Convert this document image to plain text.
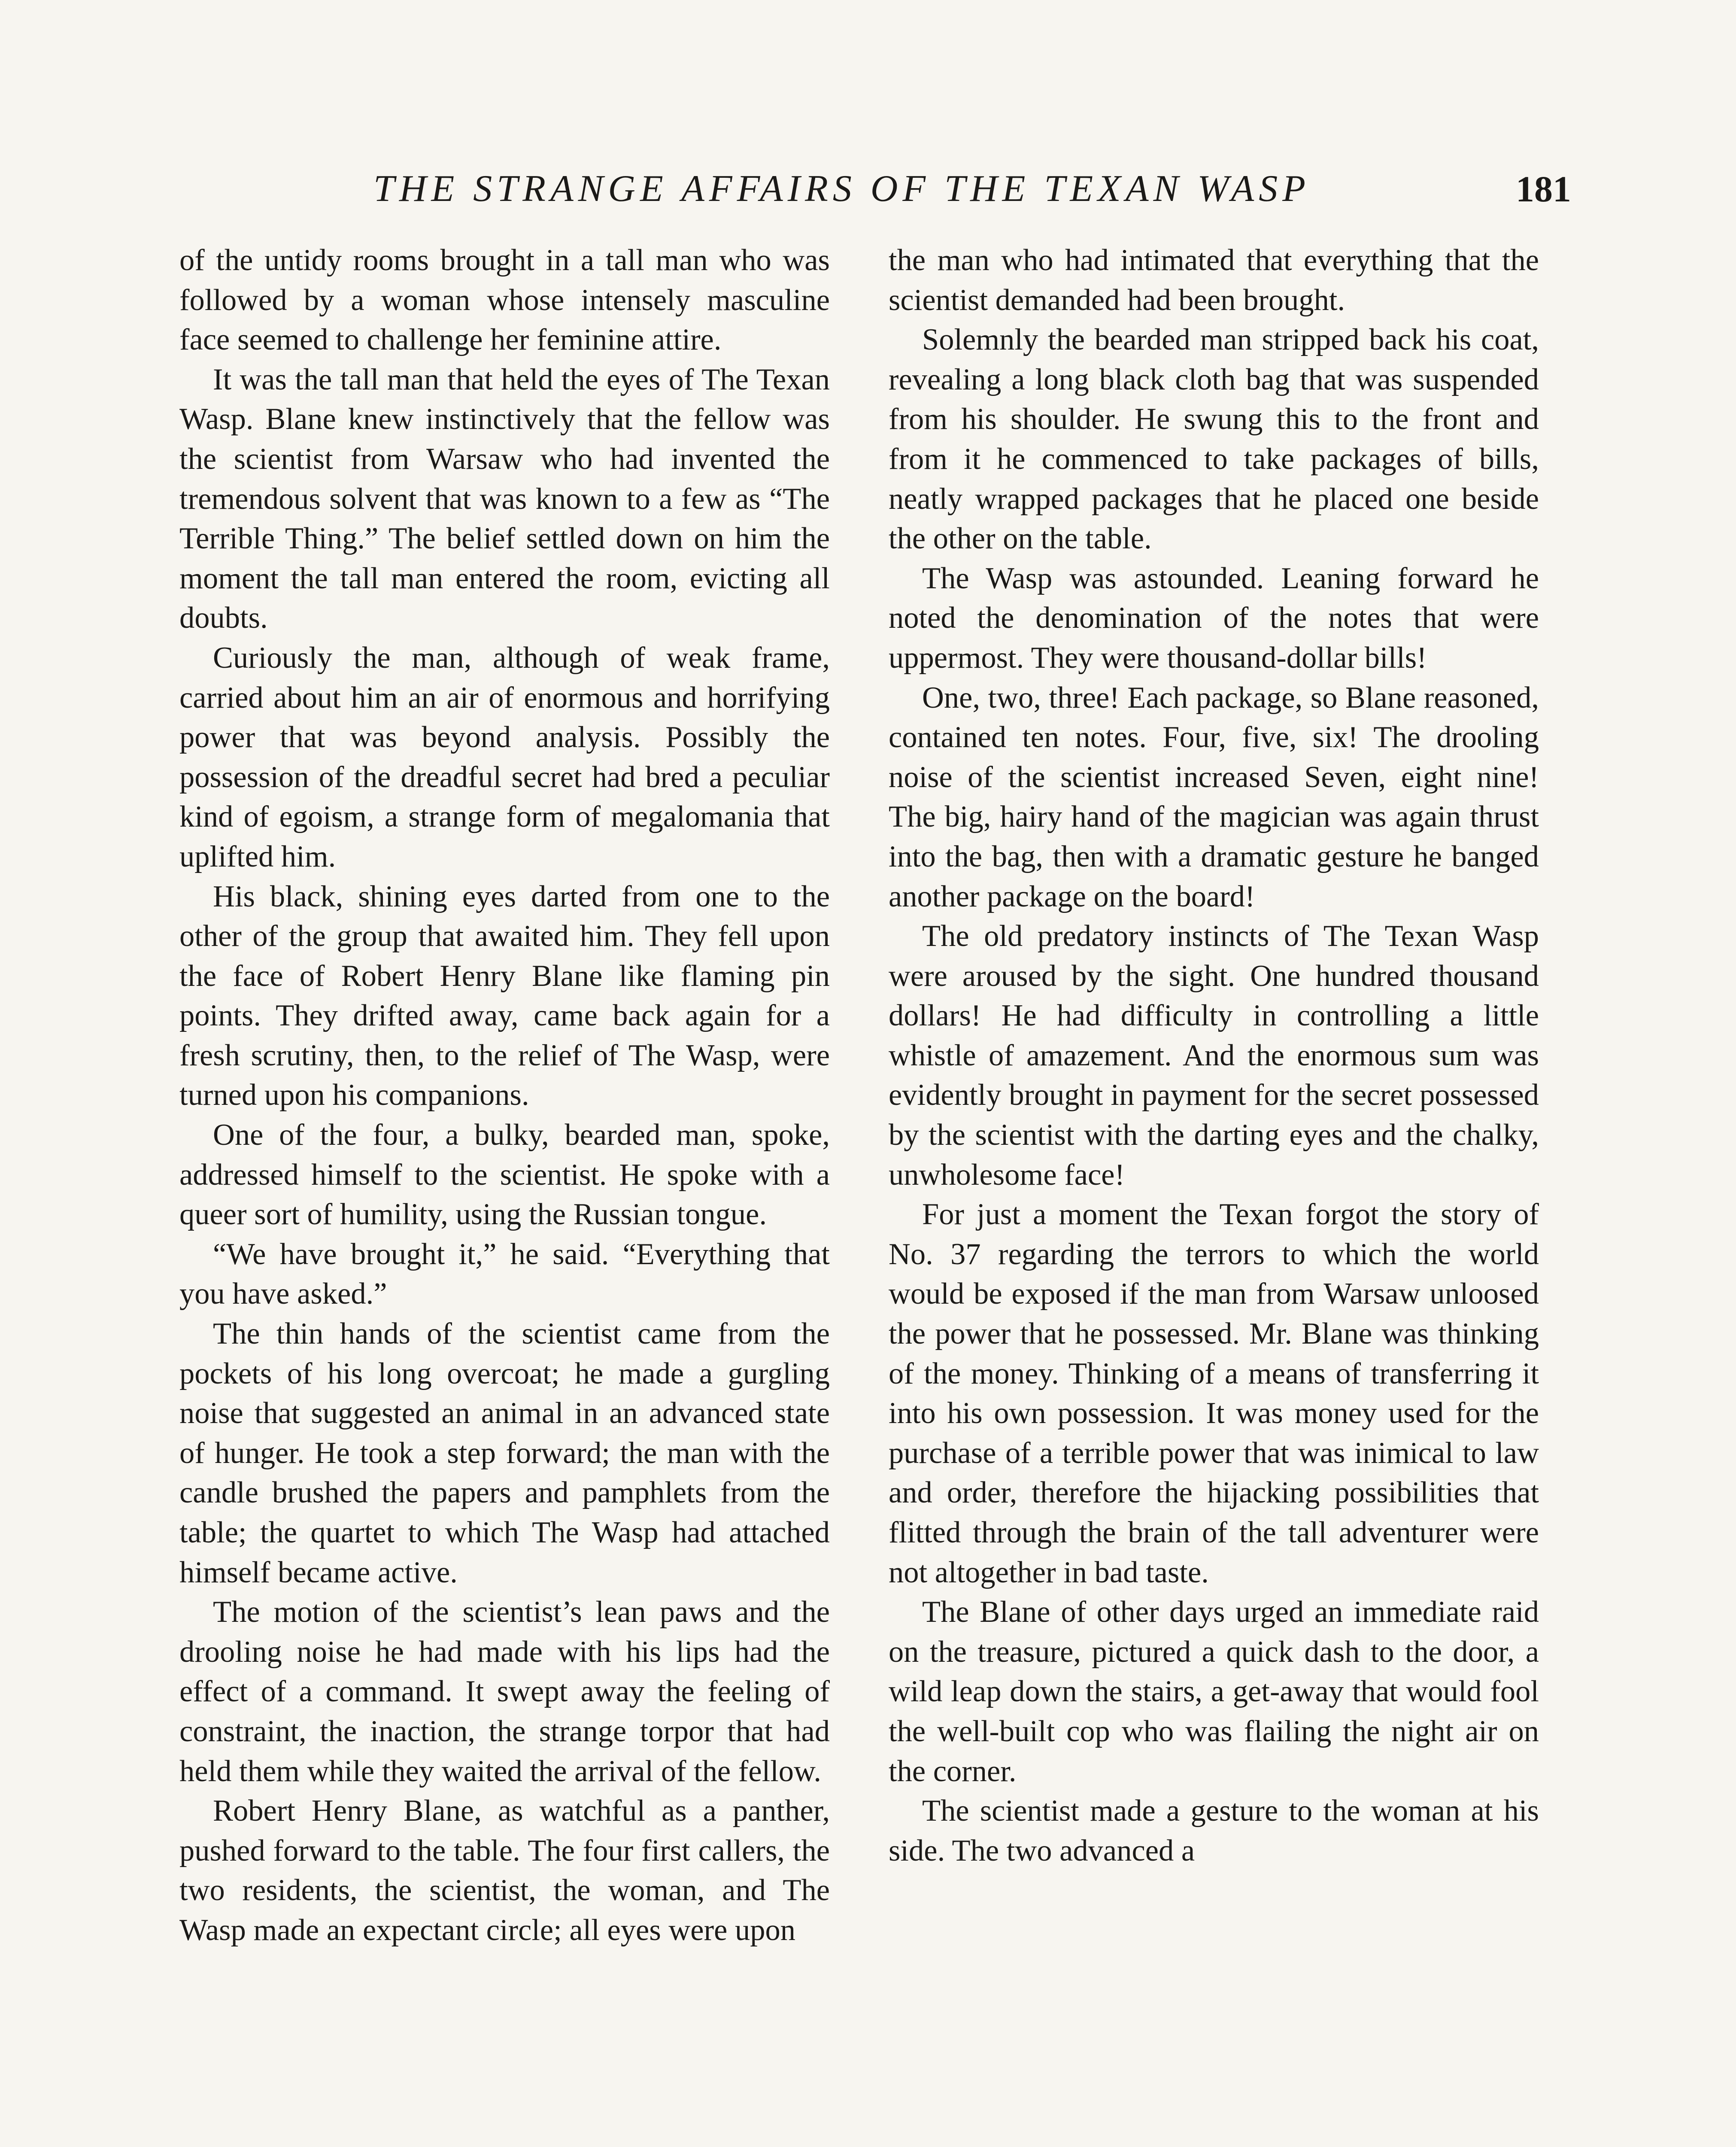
THE STRANGE AFFAIRS OF THE TEXAN WASP	181

of the untidy rooms brought in a tall man who was followed by a woman whose intensely masculine face seemed to challenge her feminine attire.

It was the tall man that held the eyes of The Texan Wasp. Blane knew instinctively that the fellow was the scientist from Warsaw who had invented the tremendous solvent that was known to a few as “The Terrible Thing.” The belief settled down on him the moment the tall man entered the room, evicting all doubts.

Curiously the man, although of weak frame, carried about him an air of enormous and horrifying power that was beyond analysis. Possibly the possession of the dreadful secret had bred a peculiar kind of egoism, a strange form of megalomania that uplifted him.

His black, shining eyes darted from one to the other of the group that awaited him. They fell upon the face of Robert Henry Blane like flaming pin points. They drifted away, came back again for a fresh scrutiny, then, to the relief of The Wasp, were turned upon his companions.

One of the four, a bulky, bearded man, spoke, addressed himself to the scientist. He spoke with a queer sort of humility, using the Russian tongue.

“We have brought it,” he said. “Everything that you have asked.”

The thin hands of the scientist came from the pockets of his long overcoat; he made a gurgling noise that suggested an animal in an advanced state of hunger. He took a step forward; the man with the candle brushed the papers and pamphlets from the table; the quartet to which The Wasp had attached himself became active.

The motion of the scientist’s lean paws and the drooling noise he had made with his lips had the effect of a command. It swept away the feeling of constraint, the inaction, the strange torpor that had held them while they waited the arrival of the fellow.

Robert Henry Blane, as watchful as a panther, pushed forward to the table. The four first callers, the two residents, the scientist, the woman, and The Wasp made an expectant circle; all eyes were upon

the man who had intimated that everything that the scientist demanded had been brought.

Solemnly the bearded man stripped back his coat, revealing a long black cloth bag that was suspended from his shoulder. He swung this to the front and from it he commenced to take packages of bills, neatly wrapped packages that he placed one beside the other on the table.

The Wasp was astounded. Leaning forward he noted the denomination of the notes that were uppermost. They were thousand-dollar bills!

One, two, three! Each package, so Blane reasoned, contained ten notes. Four, five, six! The drooling noise of the scientist increased Seven, eight nine! The big, hairy hand of the magician was again thrust into the bag, then with a dramatic gesture he banged another package on the board!

The old predatory instincts of The Texan Wasp were aroused by the sight. One hundred thousand dollars! He had difficulty in controlling a little whistle of amazement. And the enormous sum was evidently brought in payment for the secret possessed by the scientist with the darting eyes and the chalky, unwholesome face!

For just a moment the Texan forgot the story of No. 37 regarding the terrors to which the world would be exposed if the man from Warsaw unloosed the power that he possessed. Mr. Blane was thinking of the money. Thinking of a means of transferring it into his own possession. It was money used for the purchase of a terrible power that was inimical to law and order, therefore the hijacking possibilities that flitted through the brain of the tall adventurer were not altogether in bad taste.

The Blane of other days urged an immediate raid on the treasure, pictured a quick dash to the door, a wild leap down the stairs, a get-away that would fool the well-built cop who was flailing the night air on the corner.

The scientist made a gesture to the woman at his side. The two advanced a
